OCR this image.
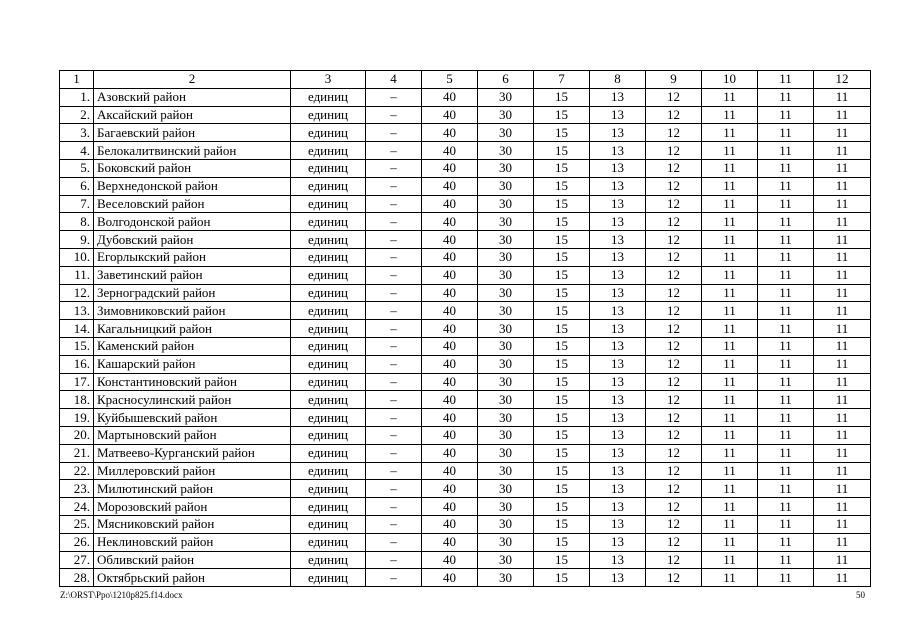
1	2	3	4	5	6	7	8	9	10	11	12
1.	Азовский район	единиц	–	40	30	15	13	12	11	11	11
2.	Аксайский район	единиц	–	40	30	15	13	12	11	11	11
3.	Багаевский район	единиц	–	40	30	15	13	12	11	11	11
4.	Белокалитвинский район	единиц	–	40	30	15	13	12	11	11	11
5.	Боковский район	единиц	–	40	30	15	13	12	11	11	11
6.	Верхнедонской район	единиц	–	40	30	15	13	12	11	11	11
7.	Веселовский район	единиц	–	40	30	15	13	12	11	11	11
8.	Волгодонской район	единиц	–	40	30	15	13	12	11	11	11
9.	Дубовский район	единиц	–	40	30	15	13	12	11	11	11
10.	Егорлыкский район	единиц	–	40	30	15	13	12	11	11	11
11.	Заветинский район	единиц	–	40	30	15	13	12	11	11	11
12.	Зерноградский район	единиц	–	40	30	15	13	12	11	11	11
13.	Зимовниковский район	единиц	–	40	30	15	13	12	11	11	11
14.	Кагальницкий район	единиц	–	40	30	15	13	12	11	11	11
15.	Каменский район	единиц	–	40	30	15	13	12	11	11	11
16.	Кашарский район	единиц	–	40	30	15	13	12	11	11	11
17.	Константиновский район	единиц	–	40	30	15	13	12	11	11	11
18.	Красносулинский район	единиц	–	40	30	15	13	12	11	11	11
19.	Куйбышевский район	единиц	–	40	30	15	13	12	11	11	11
20.	Мартыновский район	единиц	–	40	30	15	13	12	11	11	11
21.	Матвеево-Курганский район	единиц	–	40	30	15	13	12	11	11	11
22.	Миллеровский район	единиц	–	40	30	15	13	12	11	11	11
23.	Милютинский район	единиц	–	40	30	15	13	12	11	11	11
24.	Морозовский район	единиц	–	40	30	15	13	12	11	11	11
25.	Мясниковский район	единиц	–	40	30	15	13	12	11	11	11
26.	Неклиновский район	единиц	–	40	30	15	13	12	11	11	11
27.	Обливский район	единиц	–	40	30	15	13	12	11	11	11
28.	Октябрьский район	единиц	–	40	30	15	13	12	11	11	11
Z:\ORST\Ppo\1210p825.f14.docx	50
